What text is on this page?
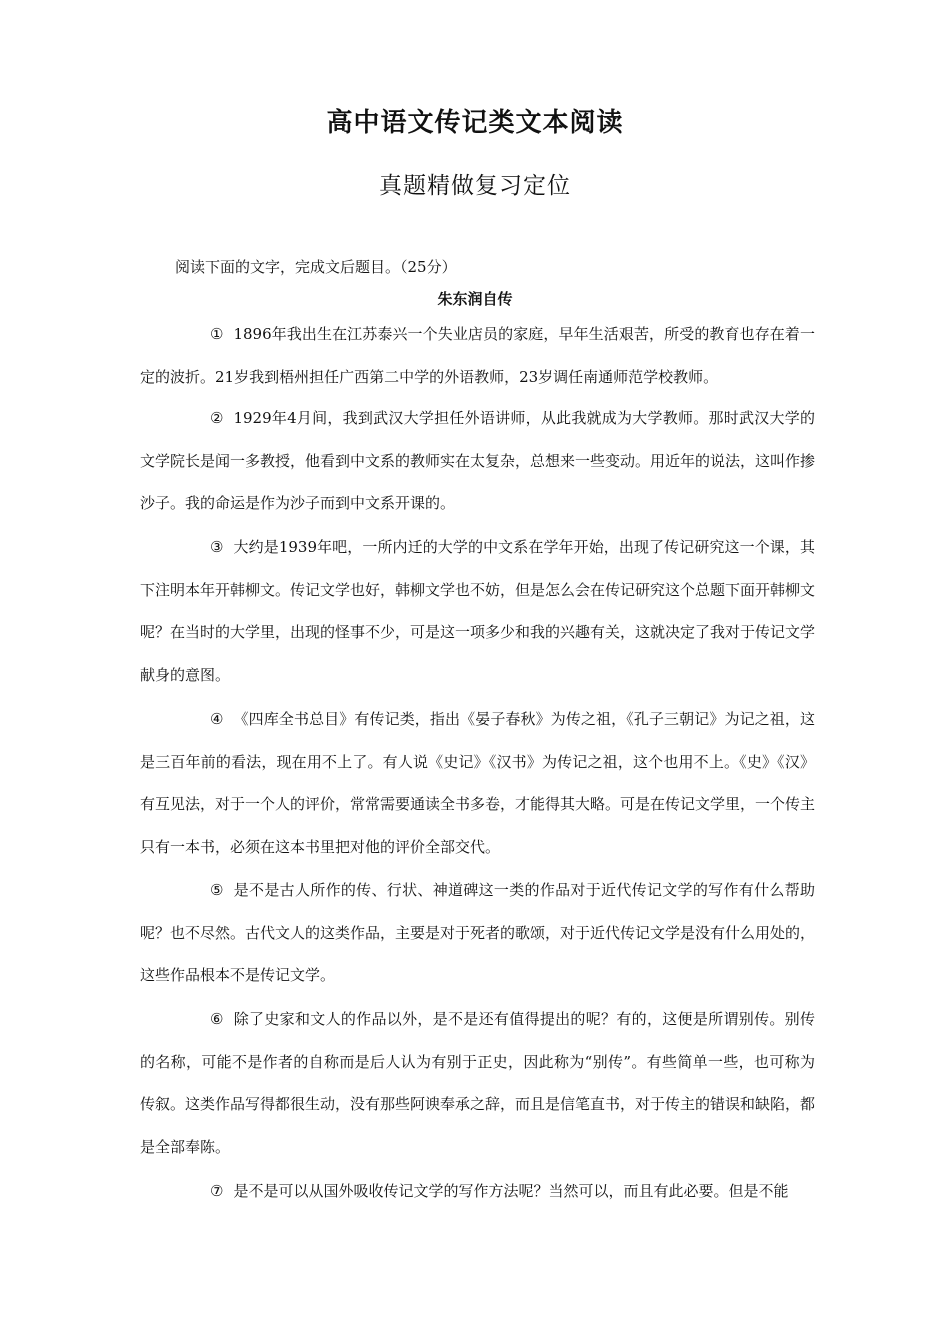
高中语文传记类文本阅读
真题精做复习定位
阅读下面的文字，完成文后题目。（25分）
朱东润自传
① 1896年我出生在江苏泰兴一个失业店员的家庭，早年生活艰苦，所受的教育也存在着一定的波折。21岁我到梧州担任广西第二中学的外语教师，23岁调任南通师范学校教师。
② 1929年4月间，我到武汉大学担任外语讲师，从此我就成为大学教师。那时武汉大学的文学院长是闻一多教授，他看到中文系的教师实在太复杂，总想来一些变动。用近年的说法，这叫作掺沙子。我的命运是作为沙子而到中文系开课的。
③ 大约是1939年吧，一所内迁的大学的中文系在学年开始，出现了传记研究这一个课，其下注明本年开韩柳文。传记文学也好，韩柳文学也不妨，但是怎么会在传记研究这个总题下面开韩柳文呢？在当时的大学里，出现的怪事不少，可是这一项多少和我的兴趣有关，这就决定了我对于传记文学献身的意图。
④ 《四库全书总目》有传记类，指出《晏子春秋》为传之祖，《孔子三朝记》为记之祖，这是三百年前的看法，现在用不上了。有人说《史记》《汉书》为传记之祖，这个也用不上。《史》《汉》有互见法，对于一个人的评价，常常需要通读全书多卷，才能得其大略。可是在传记文学里，一个传主只有一本书，必须在这本书里把对他的评价全部交代。
⑤ 是不是古人所作的传、行状、神道碑这一类的作品对于近代传记文学的写作有什么帮助呢？也不尽然。古代文人的这类作品，主要是对于死者的歌颂，对于近代传记文学是没有什么用处的，这些作品根本不是传记文学。
⑥ 除了史家和文人的作品以外，是不是还有值得提出的呢？有的，这便是所谓别传。别传的名称，可能不是作者的自称而是后人认为有别于正史，因此称为“别传”。有些简单一些，也可称为传叙。这类作品写得都很生动，没有那些阿谀奉承之辞，而且是信笔直书，对于传主的错误和缺陷，都是全部奉陈。
⑦ 是不是可以从国外吸收传记文学的写作方法呢？当然可以，而且有此必要。但是不能
